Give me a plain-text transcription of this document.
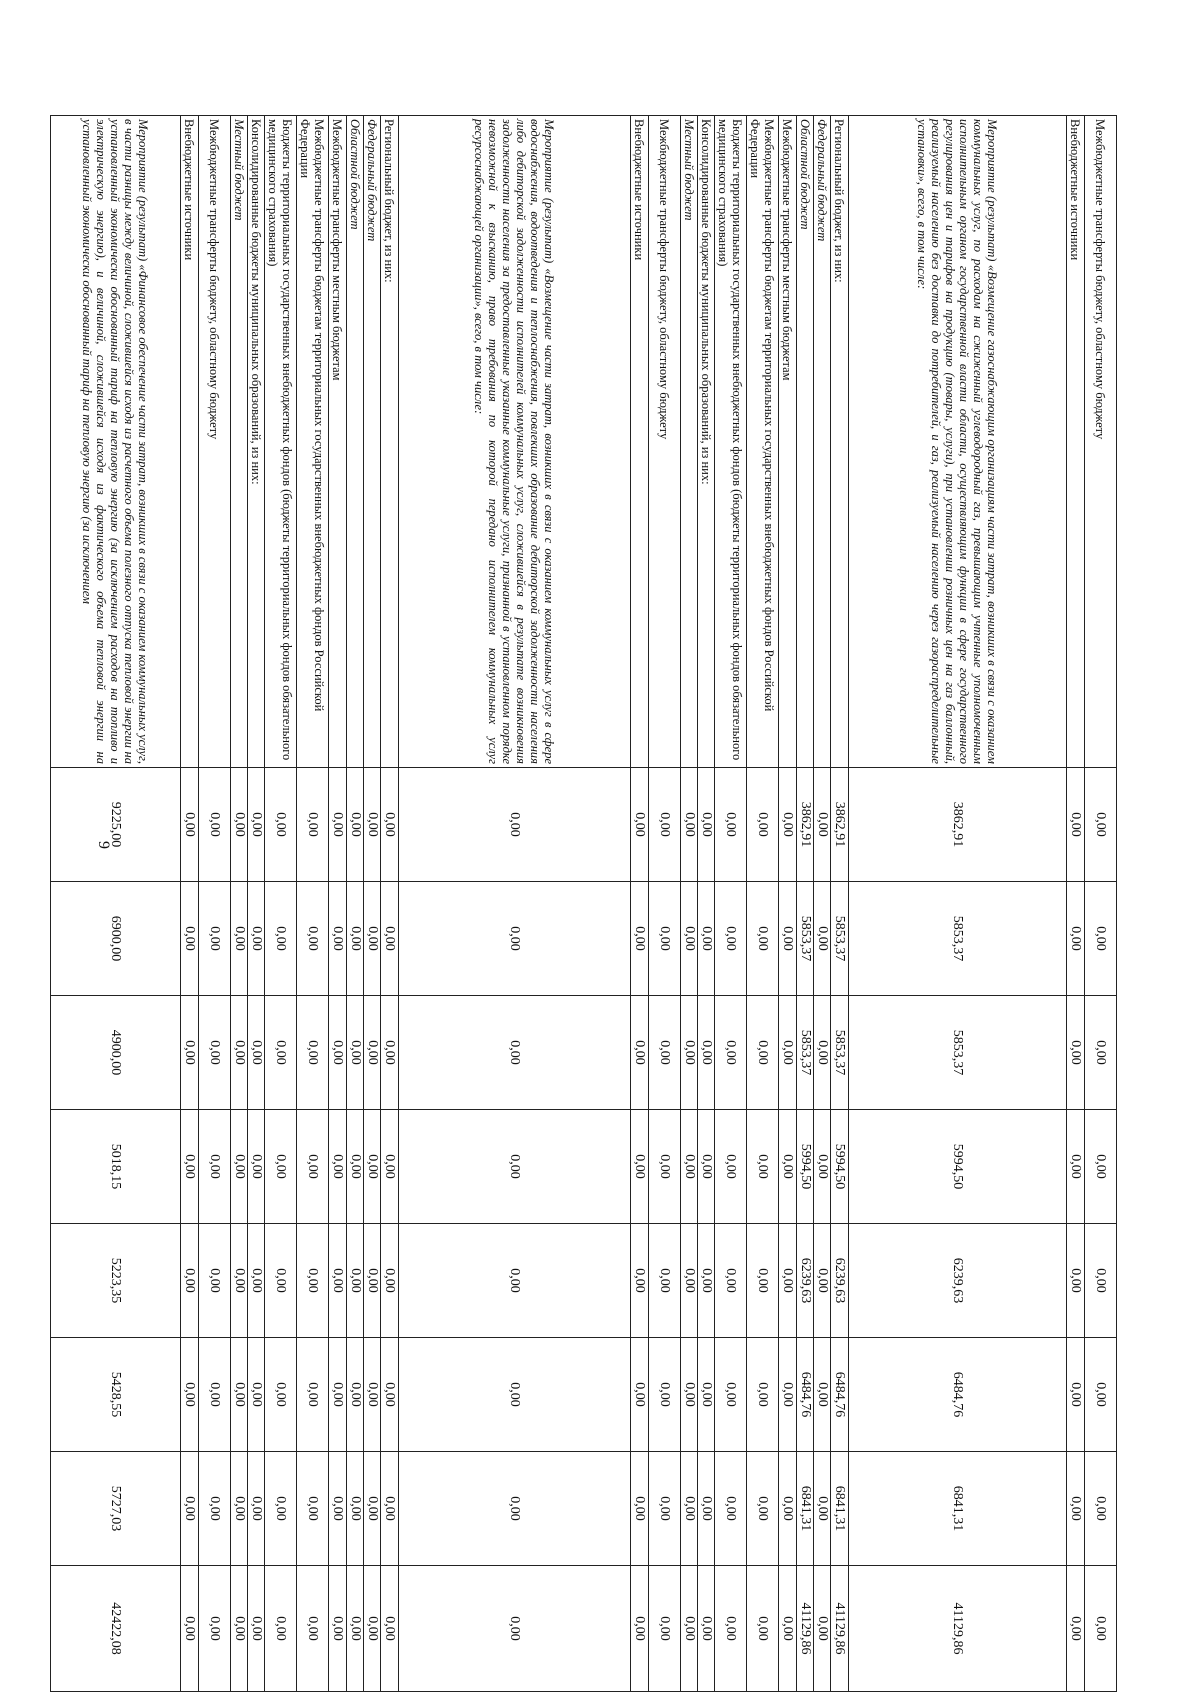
9
Межбюджетные трансферты бюджету, областному бюджету	0,00	0,00	0,00	0,00	0,00	0,00	0,00	0,00
Внебюджетные источники	0,00	0,00	0,00	0,00	0,00	0,00	0,00	0,00
Мероприятие (результат) «Возмещение газоснабжающим организациям части затрат, возникших в связи с оказанием коммунальных услуг, по расходам на сжиженный углеводородный газ, превышающим учтенные уполномоченным исполнительным органом государственной власти области, осуществляющим функции в сфере государственного регулирования цен и тарифов на продукцию (товары, услуги), при установлении розничных цен на газ баллонный, реализуемый населению без доставки до потребителей, и газ, реализуемый населению через газораспределительные установки», всего, в том числе:	3862,91	5853,37	5853,37	5994,50	6239,63	6484,76	6841,31	41129,86
Региональный бюджет, из них:	3862,91	5853,37	5853,37	5994,50	6239,63	6484,76	6841,31	41129,86
Федеральный бюджет	0,00	0,00	0,00	0,00	0,00	0,00	0,00	0,00
Областной бюджет	3862,91	5853,37	5853,37	5994,50	6239,63	6484,76	6841,31	41129,86
Межбюджетные трансферты местным бюджетам	0,00	0,00	0,00	0,00	0,00	0,00	0,00	0,00
Межбюджетные трансферты бюджетам территориальных государственных внебюджетных фондов Российской Федерации	0,00	0,00	0,00	0,00	0,00	0,00	0,00	0,00
Бюджеты территориальных государственных внебюджетных фондов (бюджеты территориальных фондов обязательного медицинского страхования)	0,00	0,00	0,00	0,00	0,00	0,00	0,00	0,00
Консолидированные бюджеты муниципальных образований, из них:	0,00	0,00	0,00	0,00	0,00	0,00	0,00	0,00
Местный бюджет	0,00	0,00	0,00	0,00	0,00	0,00	0,00	0,00
Межбюджетные трансферты бюджету, областному бюджету	0,00	0,00	0,00	0,00	0,00	0,00	0,00	0,00
Внебюджетные источники	0,00	0,00	0,00	0,00	0,00	0,00	0,00	0,00
Мероприятие (результат) «Возмещение части затрат, возникших в связи с оказанием коммунальных услуг в сфере водоснабжения, водоотведения и теплоснабжения, повлекших образование дебиторской задолженности населения либо дебиторской задолженности исполнителей коммунальных услуг, сложившейся в результате возникновения задолженности населения за предоставленные указанные коммунальные услуги, признанной в установленном порядке невозможной к взысканию, право требования по которой передано исполнителем коммунальных услуг ресурсоснабжающей организации», всего, в том числе:	0,00	0,00	0,00	0,00	0,00	0,00	0,00	0,00
Региональный бюджет, из них:	0,00	0,00	0,00	0,00	0,00	0,00	0,00	0,00
Федеральный бюджет	0,00	0,00	0,00	0,00	0,00	0,00	0,00	0,00
Областной бюджет	0,00	0,00	0,00	0,00	0,00	0,00	0,00	0,00
Межбюджетные трансферты местным бюджетам	0,00	0,00	0,00	0,00	0,00	0,00	0,00	0,00
Межбюджетные трансферты бюджетам территориальных государственных внебюджетных фондов Российской Федерации	0,00	0,00	0,00	0,00	0,00	0,00	0,00	0,00
Бюджеты территориальных государственных внебюджетных фондов (бюджеты территориальных фондов обязательного медицинского страхования)	0,00	0,00	0,00	0,00	0,00	0,00	0,00	0,00
Консолидированные бюджеты муниципальных образований, из них:	0,00	0,00	0,00	0,00	0,00	0,00	0,00	0,00
Местный бюджет	0,00	0,00	0,00	0,00	0,00	0,00	0,00	0,00
Межбюджетные трансферты бюджету, областному бюджету	0,00	0,00	0,00	0,00	0,00	0,00	0,00	0,00
Внебюджетные источники	0,00	0,00	0,00	0,00	0,00	0,00	0,00	0,00
Мероприятие (результат) «Финансовое обеспечение части затрат, возникших в связи с оказанием коммунальных услуг, в части разницы между величиной, сложившейся исходя из расчетного объема полезного отпуска тепловой энергии на установленный экономически обоснованный тариф на тепловую энергию (за исключением расходов на топливо и электрическую энергию), и величиной, сложившейся исходя из фактического объема тепловой энергии на установленный экономически обоснованный тариф на тепловую энергию (за исключением	9225,00	6900,00	4900,00	5018,15	5223,35	5428,55	5727,03	42422,08
